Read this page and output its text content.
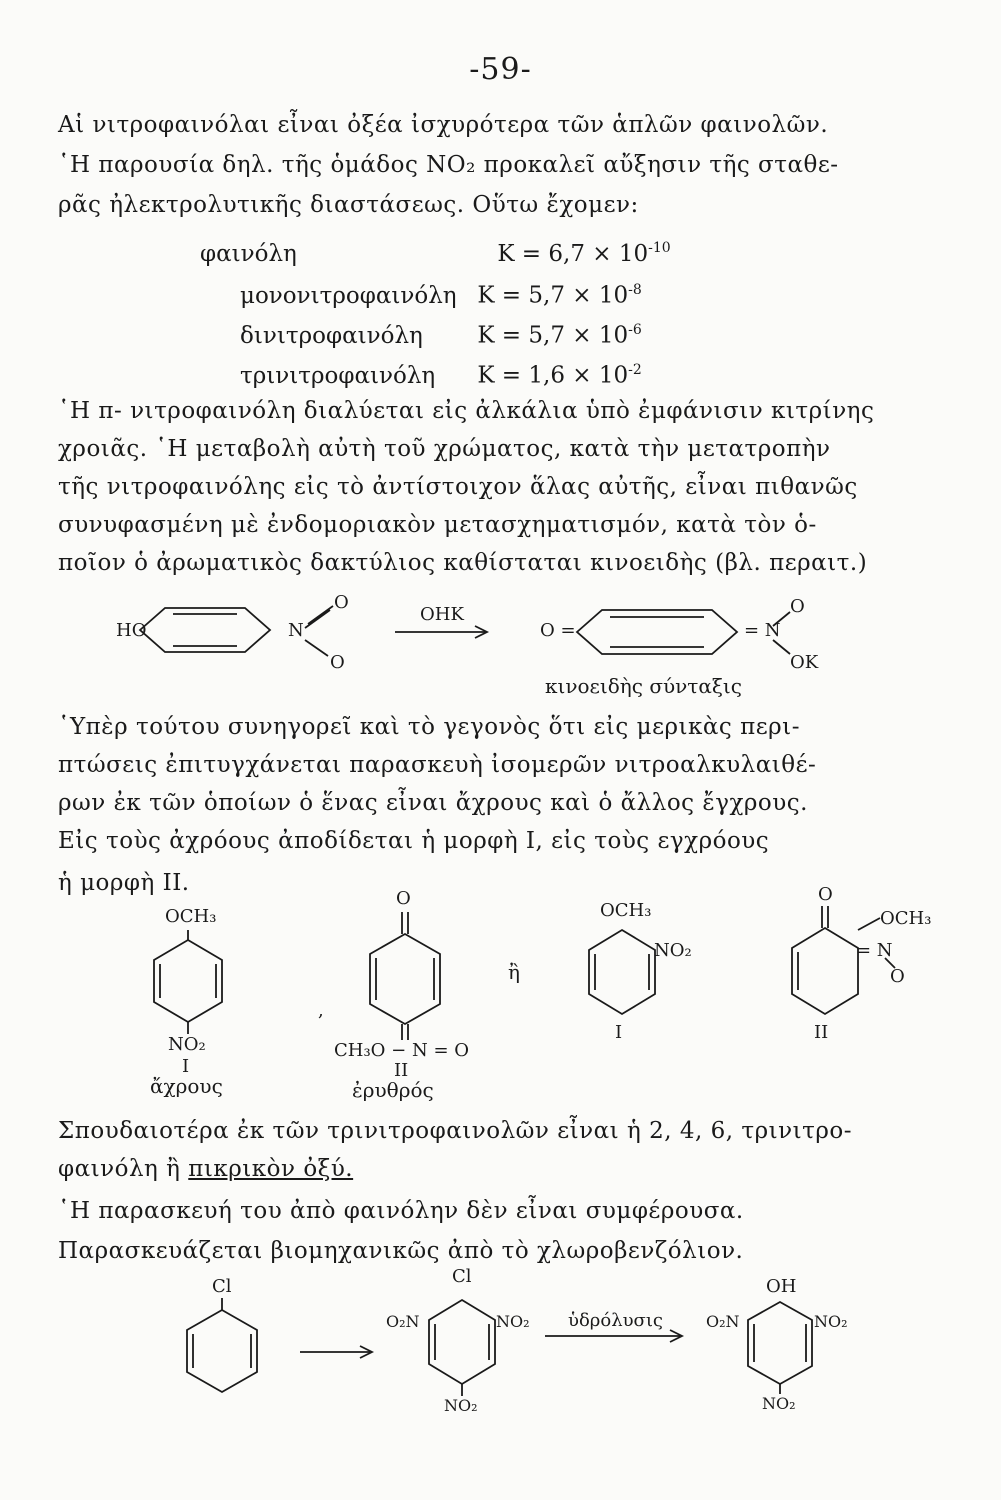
-59-
Αἱ νιτροφαινόλαι εἶναι ὀξέα ἰσχυρότερα τῶν ἁπλῶν φαινολῶν.
῾Η παρουσία δηλ. τῆς ὁμάδος NO₂ προκαλεῖ αὔξησιν τῆς σταθε-
ρᾶς ἠλεκτρολυτικῆς διαστάσεως. Οὕτω ἔχομεν:
φαινόλη	$K = 6,7 \times 10^{-10}$
μονονιτροφαινόλη $K = 5,7 \times 10^{-8}$
δινιτροφαινόλη $K = 5,7 \times 10^{-6}$
τρινιτροφαινόλη $K = 1,6 \times 10^{-2}$
῾Η π- νιτροφαινόλη διαλύεται εἰς ἀλκάλια ὑπὸ ἐμφάνισιν κιτρίνης
χροιᾶς. ῾Η μεταβολὴ αὐτὴ τοῦ χρώματος, κατὰ τὴν μετατροπὴν
τῆς νιτροφαινόλης εἰς τὸ ἀντίστοιχον ἅλας αὐτῆς, εἶναι πιθανῶς
συνυφασμένη μὲ ἐνδομοριακὸν μετασχηματισμόν, κατὰ τὸν ὁ-
ποῖον ὁ ἀρωματικὸς δακτύλιος καθίσταται κινοειδὴς (βλ. περαιτ.)
HO	N
O
O
OHK
O =	= N
O
OK
κινοειδὴς σύνταξις
῾Υπὲρ τούτου συνηγορεῖ καὶ τὸ γεγονὸς ὅτι εἰς μερικὰς περι-
πτώσεις ἐπιτυγχάνεται παρασκευὴ ἰσομερῶν νιτροαλκυλαιθέ-
ρων ἐκ τῶν ὁποίων ὁ ἕνας εἶναι ἄχρους καὶ ὁ ἄλλος ἔγχρους.
Εἰς τοὺς ἀχρόους ἀποδίδεται ἡ μορφὴ I, εἰς τοὺς εγχρόους
ἡ μορφὴ II.
OCH₃
NO₂
I
ἄχρους
,
O
CH₃O − N = O
II
ἐρυθρός
ἢ
OCH₃
NO₂
I
O
OCH₃
= N
O
II
Σπουδαιοτέρα ἐκ τῶν τρινιτροφαινολῶν εἶναι ἡ 2, 4, 6, τρινιτρο-
φαινόλη ἢ πικρικὸν ὀξύ.
῾Η παρασκευή του ἀπὸ φαινόλην δὲν εἶναι συμφέρουσα.
Παρασκευάζεται βιομηχανικῶς ἀπὸ τὸ χλωροβενζόλιον.
Cl	Cl
O₂N	NO₂
NO₂
ὑδρόλυσις
OH
O₂N	NO₂
NO₂
